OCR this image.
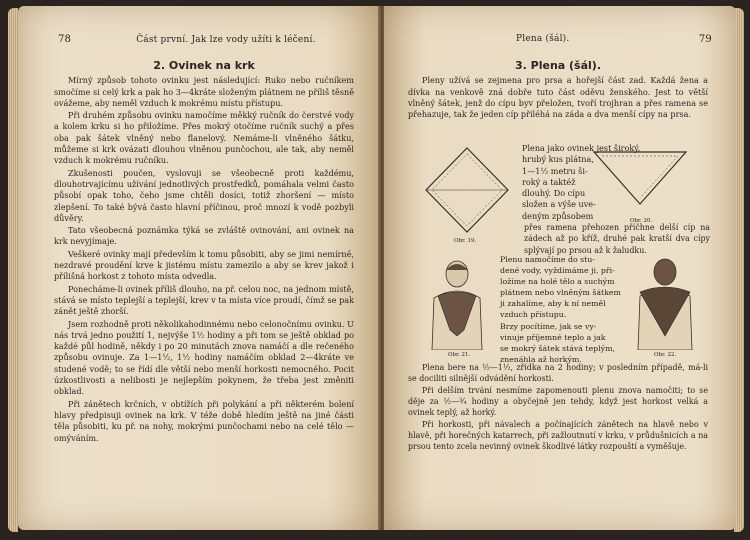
78	Část první. Jak lze vody užíti k léčení.
2. Ovinek na krk

Mírný způsob tohoto ovinku jest následující: Ruko nebo ručníkem smočíme si celý krk a pak ho 3—4kráte složeným plátnem ne příliš těsně ovážeme, aby neměl vzduch k mokrému místu přístupu.

Při druhém způsobu ovinku namočíme měkký ručník do čerstvé vody a kolem krku si ho přiložíme. Přes mokrý otočíme ručník suchý a přes oba pak šátek vlněný nebo flanelový. Nemáme-li vlněného šátku, můžeme si krk ovázati dlouhou vlněnou punčochou, ale tak, aby neměl vzduch k mokrému ručníku.

Zkušenosti poučen, vyslovuji se všeobecně proti každému, dlouhotrvajícímu užívání jednotlivých prostředků, pomáhala velmi často působí opak toho, čeho jsme chtěli dosíci, totiž zhoršení — místo zlepšení. To také bývá často hlavní příčinou, proč mnozí k vodě pozbyli důvěry.

Tato všeobecná poznámka týká se zvláště ovinování, ani ovinek na krk nevyjímaje.

Veškeré ovinky mají především k tomu působiti, aby se jimi nemírné, nezdravé proudění krve k jistému místu zamezilo a aby se krev jakož i přílišná horkost z tohoto místa odvedla.

Ponecháme-li ovinek příliš dlouho, na př. celou noc, na jednom místě, stává se místo teplejší a teplejší, krev v ta místa více proudí, čímž se pak zánět ještě zhorší.

Jsem rozhodně proti několikahodinnému nebo celonočnímu ovinku. U nás trvá jedno použití 1, nejvýše 1½ hodiny a při tom se ještě obklad po každé půl hodině, někdy i po 20 minutách znova namáčí a dle rečeného způsobu ovinuje. Za 1—1½, 1½ hodiny namáčím obklad 2—4kráte ve studené vodě; to se řídí dle větší nebo menší horkosti nemocného. Pocit úzkostlivosti a nelibosti je nejlepším pokynem, že třeba jest změniti obklad.

Při zánětech krčních, v obtížích při polykání a při některém bolení hlavy předpisuji ovinek na krk. V téže době hledím ještě na jiné části těla působiti, ku př. na nohy, mokrými punčochami nebo na celé tělo — omýváním.

Plena (šál).	79
3. Plena (šál).

Pleny užívá se zejmena pro prsa a hořejší část zad. Každá žena a dívka na venkově zná dobře tuto část oděvu ženského. Jest to větší vlněný šátek, jenž do cípu byv přeložen, tvoří trojhran a přes ramena se přehazuje, tak že jeden cíp přiléhá na záda a dva menší cípy na prsa.

Obr. 19.
Plena jako ovinek jest široký,
hrubý kus plátna,
1—1½ metru ši-
roký a taktéž
dlouhý. Do cípu
složen a výše uve-
deným způsobem
Obr. 20.

přes ramena přehozen příčhne delší cíp na zádech až po kříž, druhé pak kratší dva cípy splývají po prsou až k žaludku.

Obr. 21.
Plenu namočíme do stu-
dené vody, vyždímáme ji, při-
ložíme na holé tělo a suchým
plátnem nebo vlněným šátkem
ji zahalíme, aby k ní neměl
vzduch přístupu.
Brzy pocítíme, jak se vy-
vinuje příjemné teplo a jak
se mokrý šátek stává teplým,
znenáhla až horkým.	Obr. 22.

Plena bere na ½—1½, zřídka na 2 hodiny; v posledním případě, má-li se dociliti silnější odvádění horkosti.

Při delším trvání nesmíme zapomenouti plenu znova namočiti; to se děje za ½—¾ hodiny a obyčejně jen tehdy, když jest horkost velká a ovinek teplý, až horký.

Při horkosti, při návalech a počínajících zánětech na hlavě nebo v hlavě, při horečných katarrech, při zažloutnutí v krku, v průdušnicích a na prsou tento zcela nevinný ovinek škodlivé látky rozpouští a vyměšuje.
